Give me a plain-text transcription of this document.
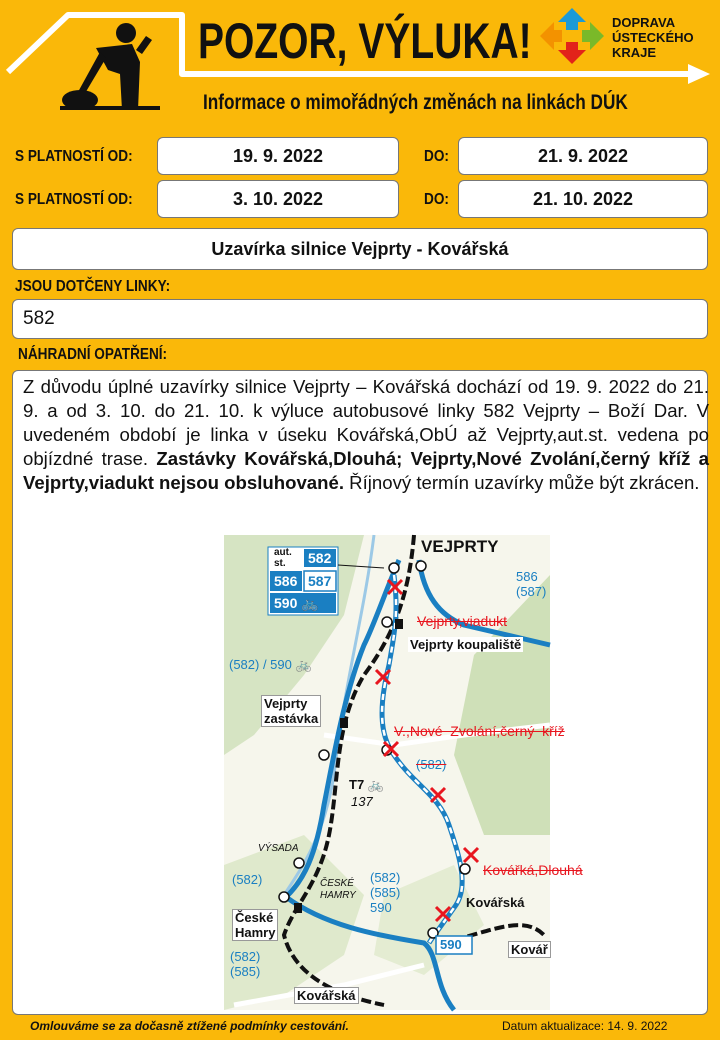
POZOR, VÝLUKA!
Informace o mimořádných změnách na linkách DÚK
DOPRAVA
ÚSTECKÉHO
KRAJE
S PLATNOSTÍ OD:	19. 9. 2022	DO:	21. 9. 2022
S PLATNOSTÍ OD:	3. 10. 2022	DO:	21. 10. 2022
Uzavírka silnice Vejprty - Kovářská
JSOU DOTČENY LINKY:
582
NÁHRADNÍ OPATŘENÍ:
Z důvodu úplné uzavírky silnice Vejprty – Kovářská dochází od 19. 9. 2022 do 21. 9. a od 3. 10. do 21. 10. k výluce autobusové linky 582 Vejprty – Boží Dar. V uvedeném období je linka v úseku Kovářská,ObÚ až Vejprty,aut.st. vedena po objízdné trase. Zastávky Kovářská,Dlouhá; Vejprty,Nové Zvolání,černý kříž a Vejprty,viadukt nejsou obsluhované. Říjnový termín uzavírky může být zkrácen.
VEJPRTY
aut.
st.	582
586 587
590 🚲
586
(587)
Vejprty,viadukt
Vejprty koupaliště
(582) / 590 🚲
Vejprty
zastávka
V.,Nové  Zvolání,černý  kříž
(582)
T7 🚲
137
VÝSADA
Kovářká,Dlouhá
ČESKÉ
HAMRY
(582)
(585)
590	Kovářská
(582)
České
Hamry
(582)
(585)
Kovářská
Kovář
590
Omlouváme se za dočasně ztížené podmínky cestování.	Datum aktualizace: 14. 9. 2022
